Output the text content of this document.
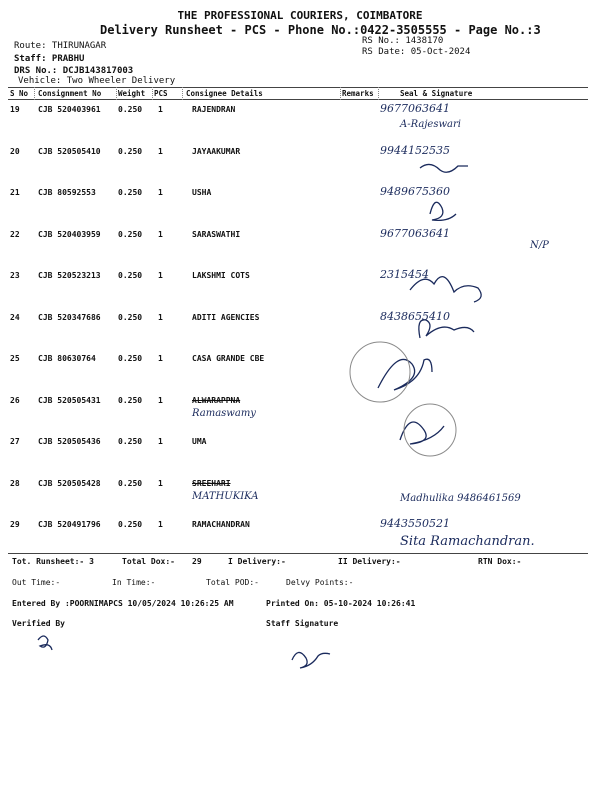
THE PROFESSIONAL COURIERS, COIMBATORE
Delivery Runsheet - PCS - Phone No.:0422-3505555 - Page No.:3
Route: THIRUNAGAR
Staff: PRABHU
DRS No.: DCJB143817003
Vehicle: Two Wheeler Delivery
RS No.: 1438170
RS Date: 05-Oct-2024
S No Consignment No Weight PCS Consignee Details	Remarks	Seal & Signature
19 CJB 520403961 0.250 1	RAJENDRAN	9677063641
A-Rajeswari
20 CJB 520505410 0.250 1	JAYAAKUMAR	9944152535
21 CJB 80592553	0.250 1	USHA	9489675360
22 CJB 520403959 0.250 1	SARASWATHI	9677063641
N/P
23 CJB 520523213 0.250 1	LAKSHMI COTS	2315454
24 CJB 520347686 0.250 1	ADITI AGENCIES	8438655410
25 CJB 80630764	0.250 1	CASA GRANDE CBE
26 CJB 520505431 0.250 1	ALWARAPPNA
Ramaswamy
27 CJB 520505436 0.250 1	UMA
28 CJB 520505428 0.250 1	SREEHARI
MATHUKIKA	Madhulika 9486461569
29 CJB 520491796 0.250 1	RAMACHANDRAN	9443550521
Sita Ramachandran.
Tot. Runsheet:- 3	Total Dox:- 29	I Delivery:-	II Delivery:-	RTN Dox:-
Out Time:-	In Time:-	Total POD:-	Delvy Points:-
Entered By :POORNIMAPCS 10/05/2024 10:26:25 AM	Printed On: 05-10-2024 10:26:41
Verified By	Staff Signature
